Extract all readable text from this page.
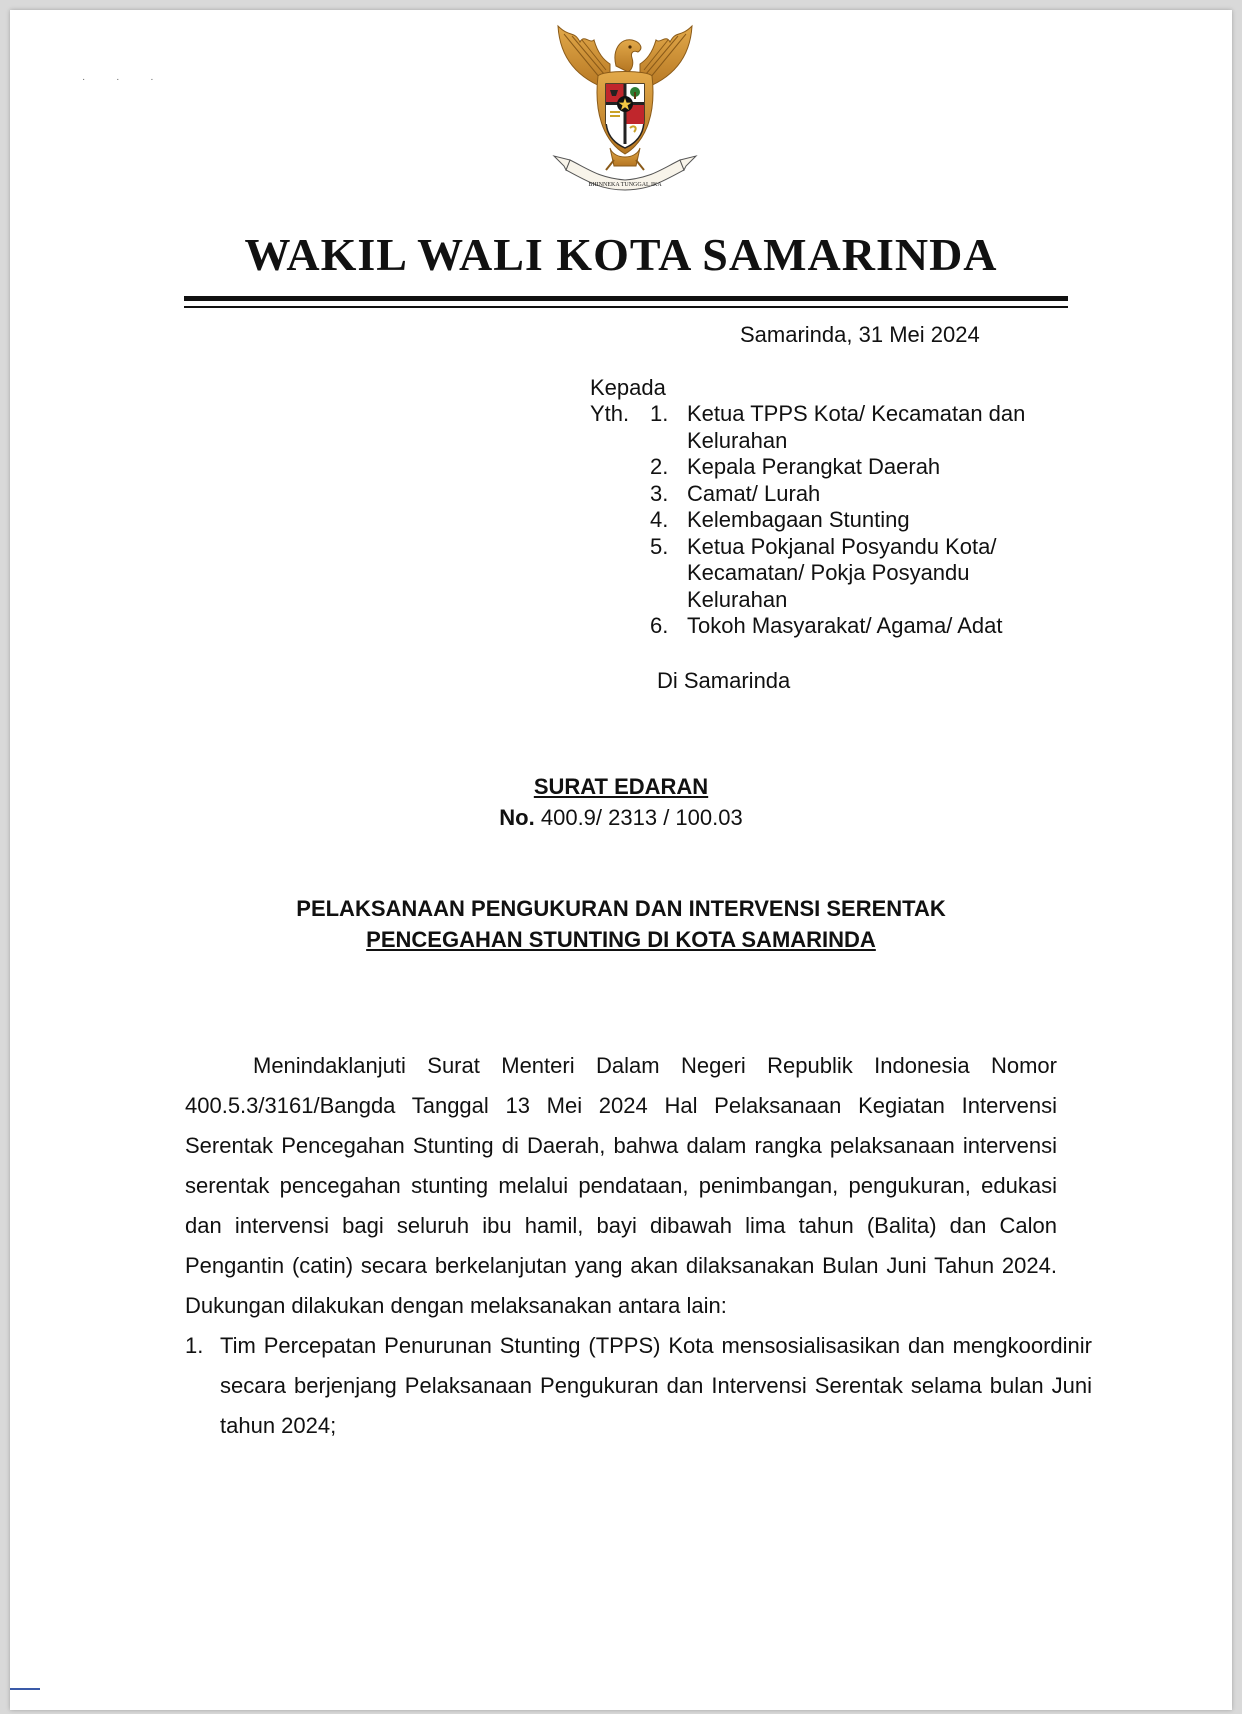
· · ·
BHINNEKA TUNGGAL IKA
WAKIL WALI KOTA SAMARINDA
Samarinda, 31 Mei 2024
Kepada
Yth. 1. Ketua TPPS Kota/ Kecamatan dan
Kelurahan
2. Kepala Perangkat Daerah
3. Camat/ Lurah
4. Kelembagaan Stunting
5. Ketua Pokjanal Posyandu Kota/
Kecamatan/ Pokja Posyandu
Kelurahan
6. Tokoh Masyarakat/ Agama/ Adat
Di Samarinda
SURAT EDARAN
No. 400.9/ 2313 / 100.03
PELAKSANAAN PENGUKURAN DAN INTERVENSI SERENTAK
PENCEGAHAN STUNTING DI KOTA SAMARINDA

Menindaklanjuti Surat Menteri Dalam Negeri Republik Indonesia Nomor 400.5.3/3161/Bangda Tanggal 13 Mei 2024 Hal Pelaksanaan Kegiatan Intervensi Serentak Pencegahan Stunting di Daerah, bahwa dalam rangka pelaksanaan intervensi serentak pencegahan stunting melalui pendataan, penimbangan, pengukuran, edukasi dan intervensi bagi seluruh ibu hamil, bayi dibawah lima tahun (Balita) dan Calon Pengantin (catin) secara berkelanjutan yang akan dilaksanakan Bulan Juni Tahun 2024. Dukungan dilakukan dengan melaksanakan antara lain:

1. Tim Percepatan Penurunan Stunting (TPPS) Kota mensosialisasikan dan mengkoordinir secara berjenjang Pelaksanaan Pengukuran dan Intervensi Serentak selama bulan Juni tahun 2024;
